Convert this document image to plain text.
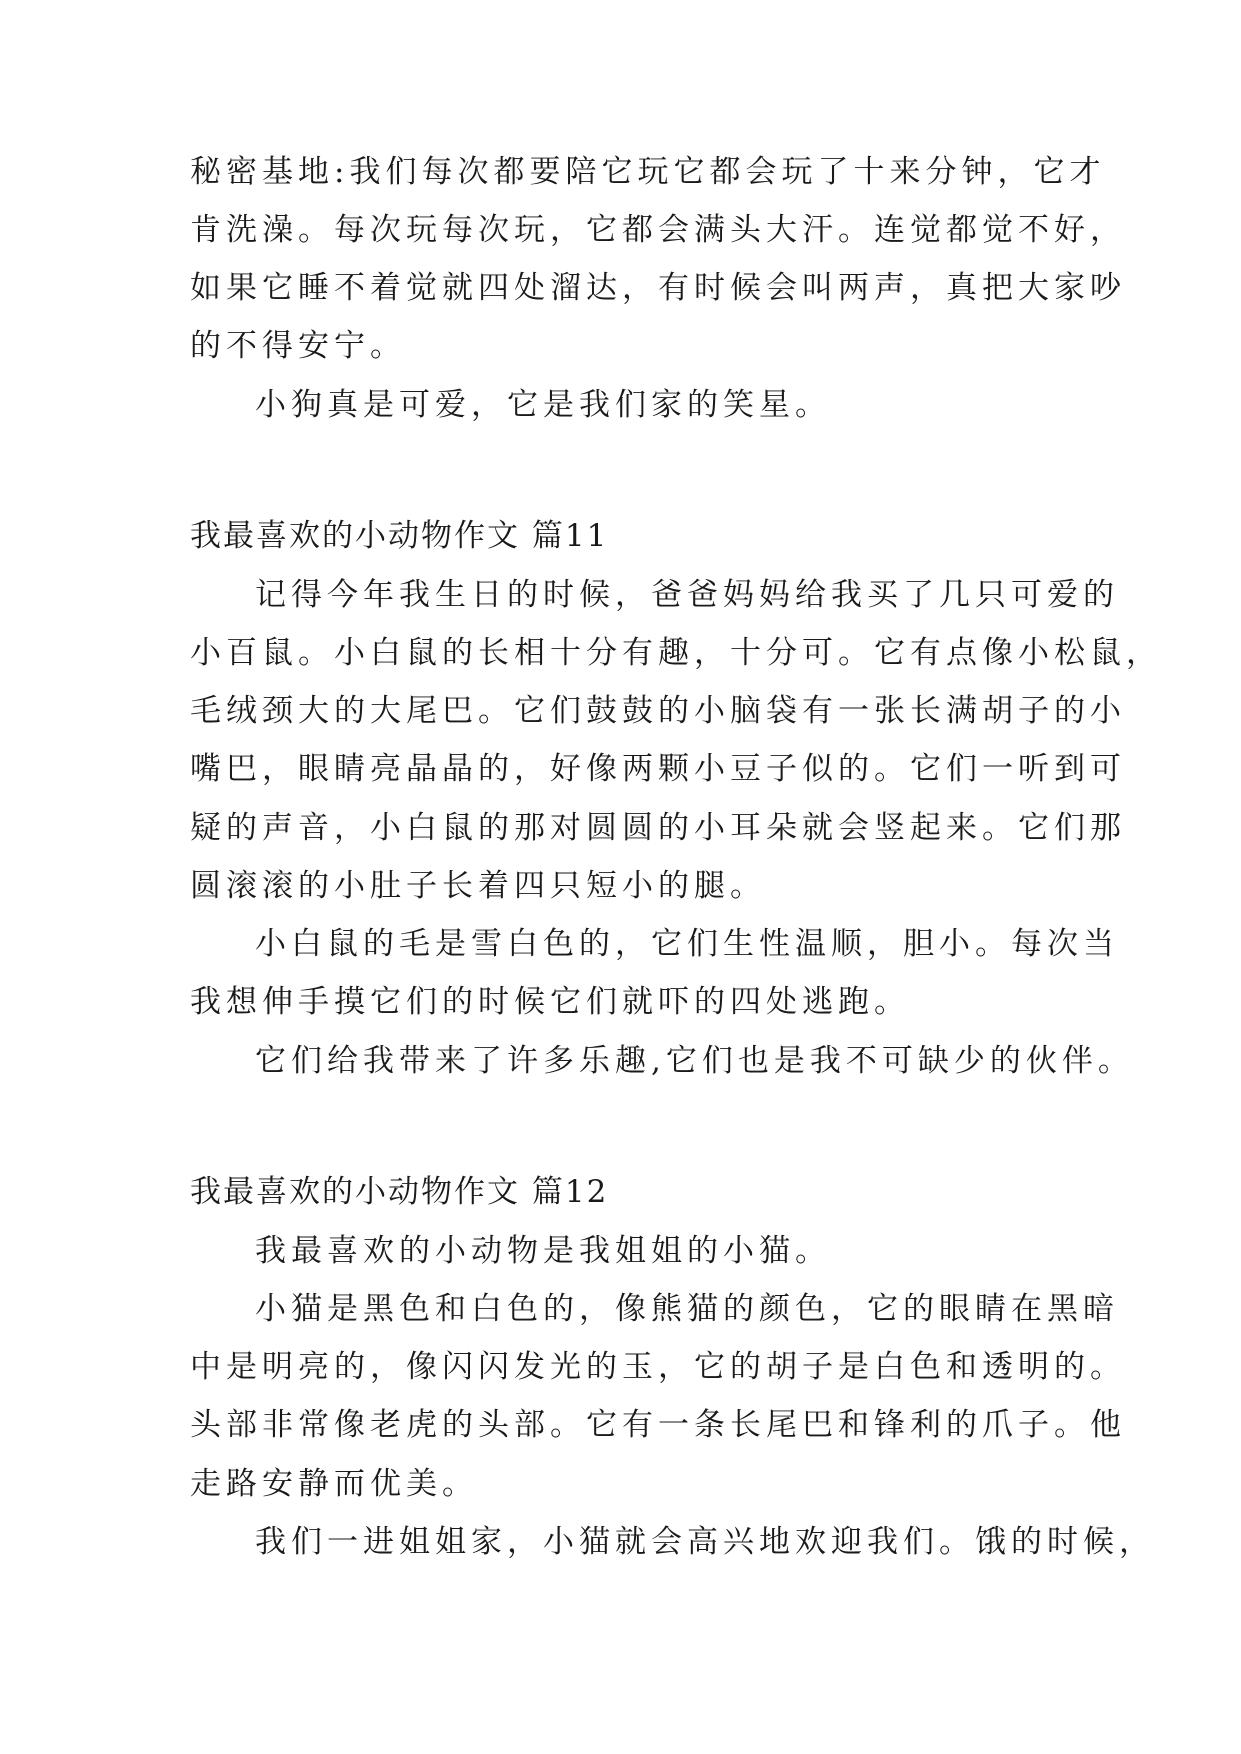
秘密基地:我们每次都要陪它玩它都会玩了十来分钟，它才
肯洗澡。每次玩每次玩，它都会满头大汗。连觉都觉不好，
如果它睡不着觉就四处溜达，有时候会叫两声，真把大家吵
的不得安宁。
小狗真是可爱，它是我们家的笑星。
我最喜欢的小动物作文 篇11
记得今年我生日的时候，爸爸妈妈给我买了几只可爱的
小百鼠。小白鼠的长相十分有趣，十分可。它有点像小松鼠，
毛绒颈大的大尾巴。它们鼓鼓的小脑袋有一张长满胡子的小
嘴巴，眼睛亮晶晶的，好像两颗小豆子似的。它们一听到可
疑的声音，小白鼠的那对圆圆的小耳朵就会竖起来。它们那
圆滚滚的小肚子长着四只短小的腿。
小白鼠的毛是雪白色的，它们生性温顺，胆小。每次当
我想伸手摸它们的时候它们就吓的四处逃跑。
它们给我带来了许多乐趣,它们也是我不可缺少的伙伴。
我最喜欢的小动物作文 篇12
我最喜欢的小动物是我姐姐的小猫。
小猫是黑色和白色的，像熊猫的颜色，它的眼睛在黑暗
中是明亮的，像闪闪发光的玉，它的胡子是白色和透明的。
头部非常像老虎的头部。它有一条长尾巴和锋利的爪子。他
走路安静而优美。
我们一进姐姐家，小猫就会高兴地欢迎我们。饿的时候，
